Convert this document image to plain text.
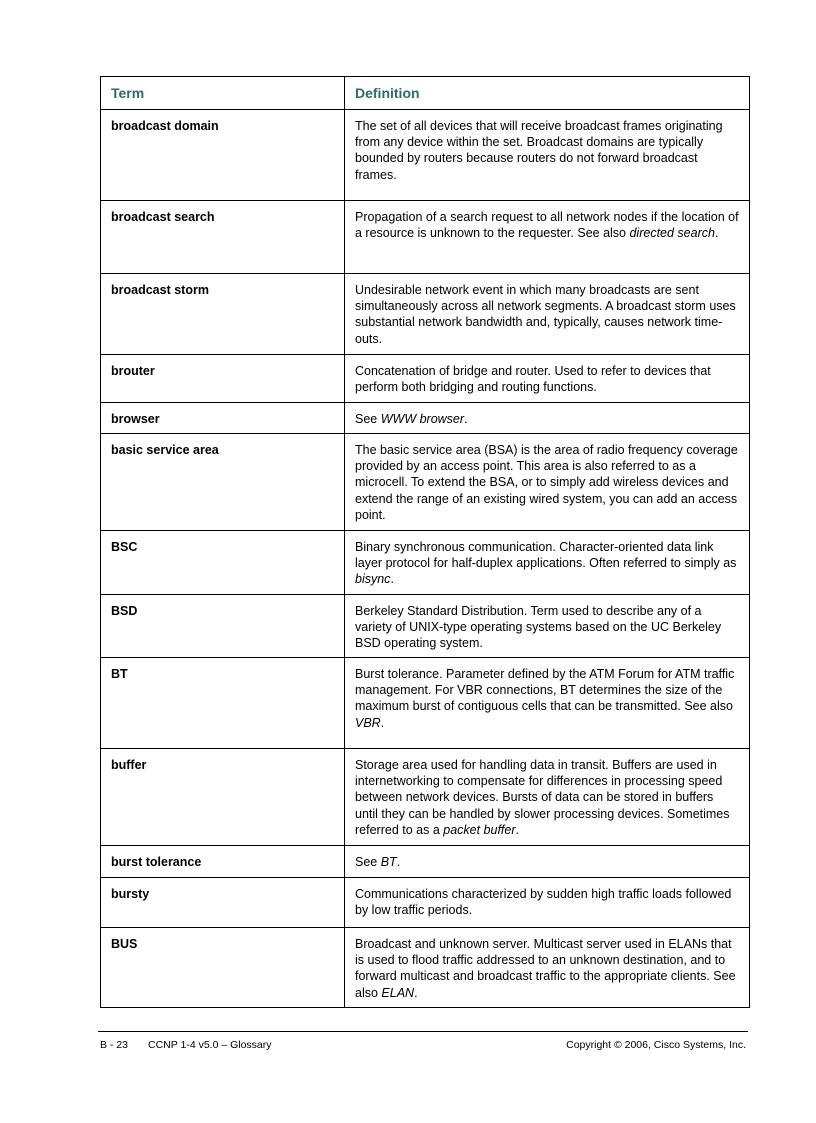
Term	Definition
broadcast domain	The set of all devices that will receive broadcast frames originating from any device within the set. Broadcast domains are typically bounded by routers because routers do not forward broadcast frames.
broadcast search	Propagation of a search request to all network nodes if the location of a resource is unknown to the requester. See also directed search.
broadcast storm	Undesirable network event in which many broadcasts are sent simultaneously across all network segments. A broadcast storm uses substantial network bandwidth and, typically, causes network time-outs.
brouter	Concatenation of bridge and router. Used to refer to devices that perform both bridging and routing functions.
browser	See WWW browser.
basic service area	The basic service area (BSA) is the area of radio frequency coverage provided by an access point. This area is also referred to as a microcell. To extend the BSA, or to simply add wireless devices and extend the range of an existing wired system, you can add an access point.
BSC	Binary synchronous communication. Character-oriented data link layer protocol for half-duplex applications. Often referred to simply as bisync.
BSD	Berkeley Standard Distribution. Term used to describe any of a variety of UNIX-type operating systems based on the UC Berkeley BSD operating system.
BT	Burst tolerance. Parameter defined by the ATM Forum for ATM traffic management. For VBR connections, BT determines the size of the maximum burst of contiguous cells that can be transmitted. See also VBR.
buffer	Storage area used for handling data in transit. Buffers are used in internetworking to compensate for differences in processing speed between network devices. Bursts of data can be stored in buffers until they can be handled by slower processing devices. Sometimes referred to as a packet buffer.
burst tolerance	See BT.
bursty	Communications characterized by sudden high traffic loads followed by low traffic periods.
BUS	Broadcast and unknown server. Multicast server used in ELANs that is used to flood traffic addressed to an unknown destination, and to forward multicast and broadcast traffic to the appropriate clients. See also ELAN.
B - 23 CCNP 1-4 v5.0 – Glossary	Copyright © 2006, Cisco Systems, Inc.
